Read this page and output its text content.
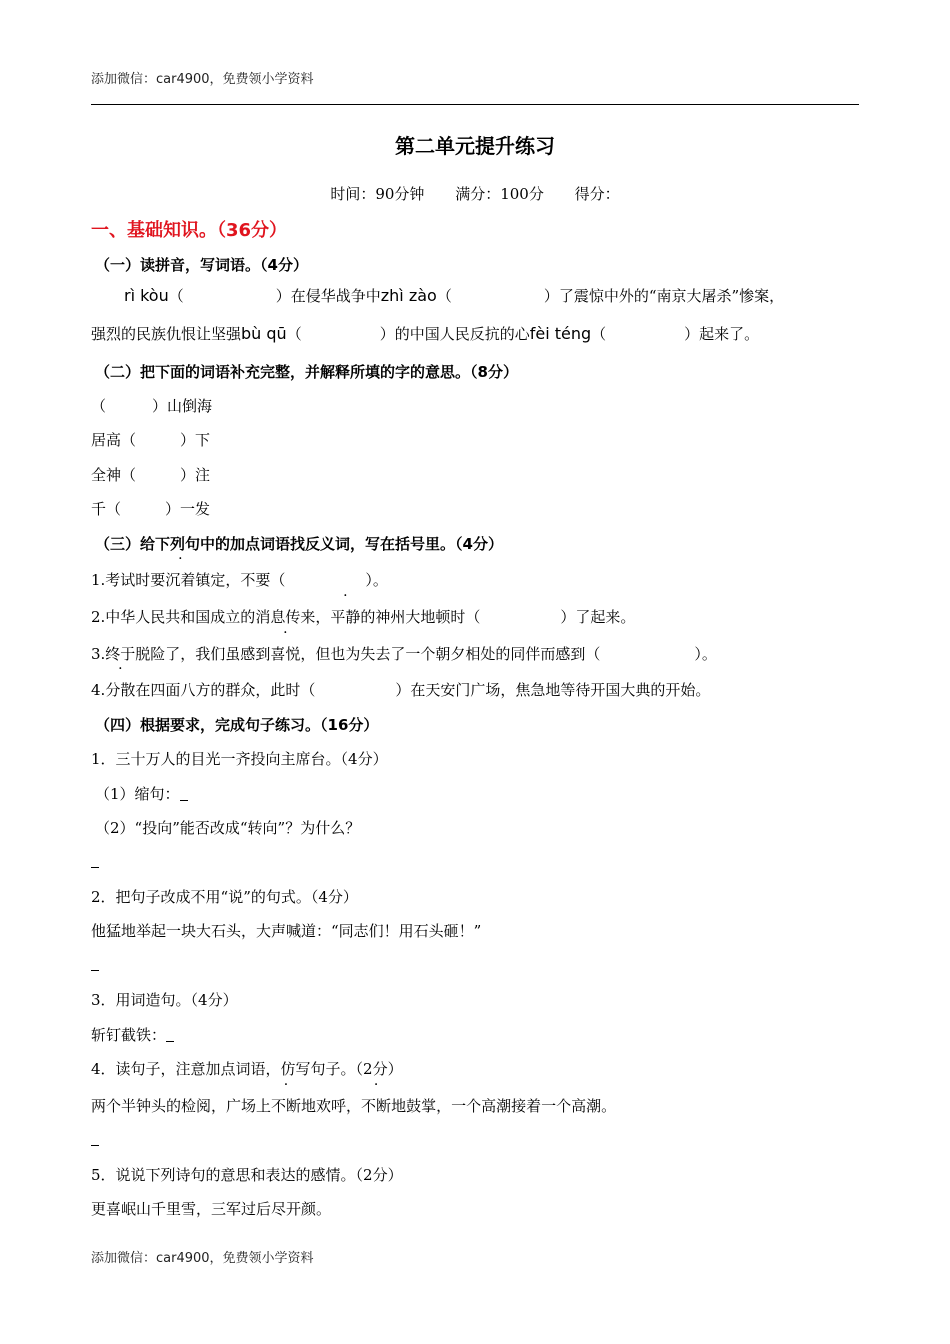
添加微信：car4900，免费领小学资料
第二单元提升练习
时间：90分钟 满分：100分 得分：
一、基础知识。（36分）
（一）读拼音，写词语。（4分）
rì kòu（	）在侵华战争中zhì zào（	）了震惊中外的“南京大屠杀”惨案，
强烈的民族仇恨让坚强bù qū（	）的中国人民反抗的心fèi téng（	）起来了。
（二）把下面的词语补充完整，并解释所填的字的意思。（8分）
（	）山倒海
居高（	）下
全神（	）注
千（	）一发
（三）给下列句中的加点词语找反义词，写在括号里。（4分）
1.考试时要沉着镇定，不要（	）。
2.中华人民共和国成立的消息传来，平静的神州大地顿时（	）了起来。
3.终于脱险了，我们虽感到喜悦，但也为失去了一个朝夕相处的同伴而感到（	）。
4.分散在四面八方的群众，此时（	）在天安门广场，焦急地等待开国大典的开始。
（四）根据要求，完成句子练习。（16分）
1．三十万人的目光一齐投向主席台。（4分）
（1）缩句：
（2）“投向”能否改成“转向”？为什么？
2．把句子改成不用“说”的句式。（4分）
他猛地举起一块大石头，大声喊道：“同志们！用石头砸！”
3．用词造句。（4分）
斩钉截铁：
4．读句子，注意加点词语，仿写句子。（2分）
两个半钟头的检阅，广场上不断地欢呼，不断地鼓掌，一个高潮接着一个高潮。
5．说说下列诗句的意思和表达的感情。（2分）
更喜岷山千里雪，三军过后尽开颜。
添加微信：car4900，免费领小学资料
